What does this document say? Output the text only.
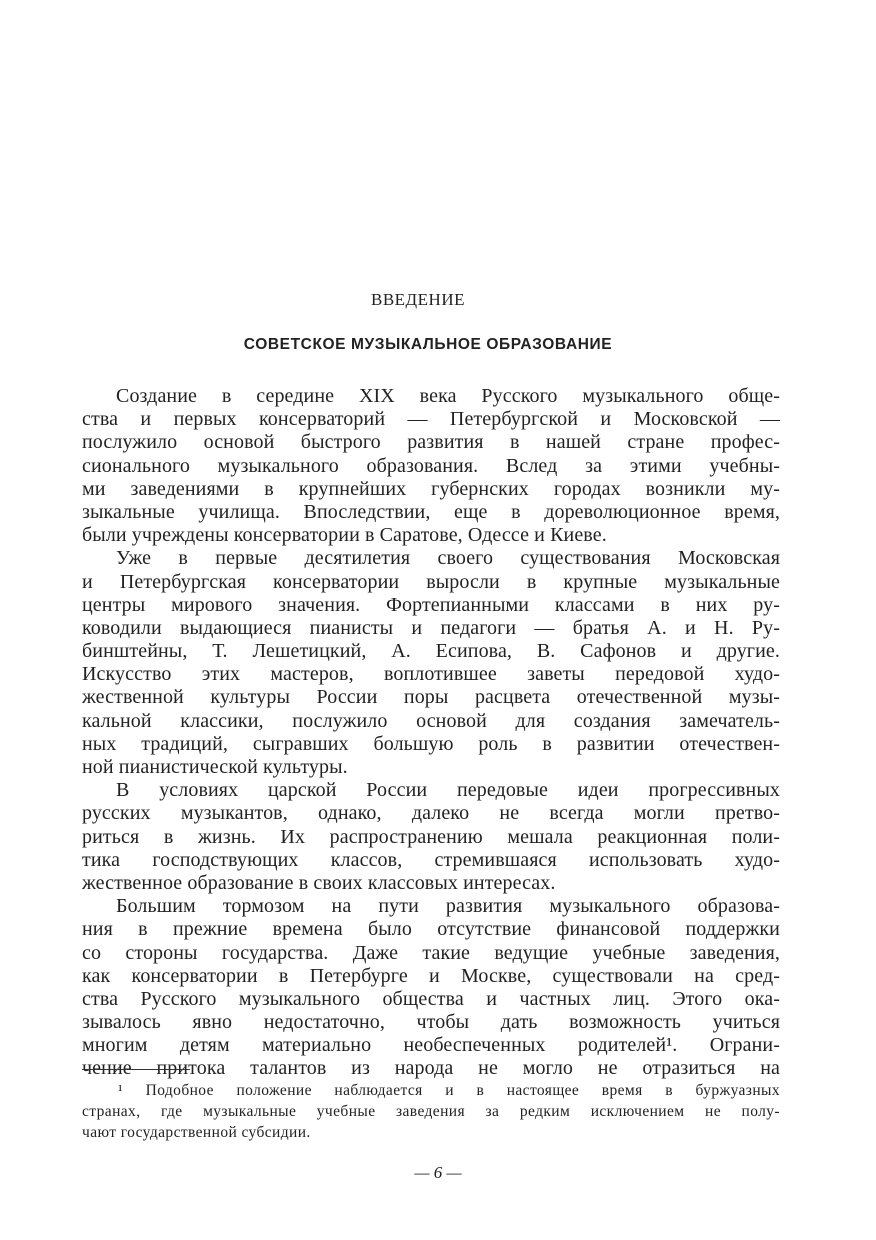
ВВЕДЕНИЕ
СОВЕТСКОЕ МУЗЫКАЛЬНОЕ ОБРАЗОВАНИЕ
Создание в середине XIX века Русского музыкального обще-
ства и первых консерваторий — Петербургской и Московской —
послужило основой быстрого развития в нашей стране профес-
сионального музыкального образования. Вслед за этими учебны-
ми заведениями в крупнейших губернских городах возникли му-
зыкальные училища. Впоследствии, еще в дореволюционное время,
были учреждены консерватории в Саратове, Одессе и Киеве.
Уже в первые десятилетия своего существования Московская
и Петербургская консерватории выросли в крупные музыкальные
центры мирового значения. Фортепианными классами в них ру-
ководили выдающиеся пианисты и педагоги — братья А. и Н. Ру-
бинштейны, Т. Лешетицкий, А. Есипова, В. Сафонов и другие.
Искусство этих мастеров, воплотившее заветы передовой худо-
жественной культуры России поры расцвета отечественной музы-
кальной классики, послужило основой для создания замечатель-
ных традиций, сыгравших большую роль в развитии отечествен-
ной пианистической культуры.
В условиях царской России передовые идеи прогрессивных
русских музыкантов, однако, далеко не всегда могли претво-
риться в жизнь. Их распространению мешала реакционная поли-
тика господствующих классов, стремившаяся использовать худо-
жественное образование в своих классовых интересах.
Большим тормозом на пути развития музыкального образова-
ния в прежние времена было отсутствие финансовой поддержки
со стороны государства. Даже такие ведущие учебные заведения,
как консерватории в Петербурге и Москве, существовали на сред-
ства Русского музыкального общества и частных лиц. Этого ока-
зывалось явно недостаточно, чтобы дать возможность учиться
многим детям материально необеспеченных родителей¹. Ограни-
чение притока талантов из народа не могло не отразиться на
¹ Подобное положение наблюдается и в настоящее время в буржуазных
странах, где музыкальные учебные заведения за редким исключением не полу-
чают государственной субсидии.
— 6 —
